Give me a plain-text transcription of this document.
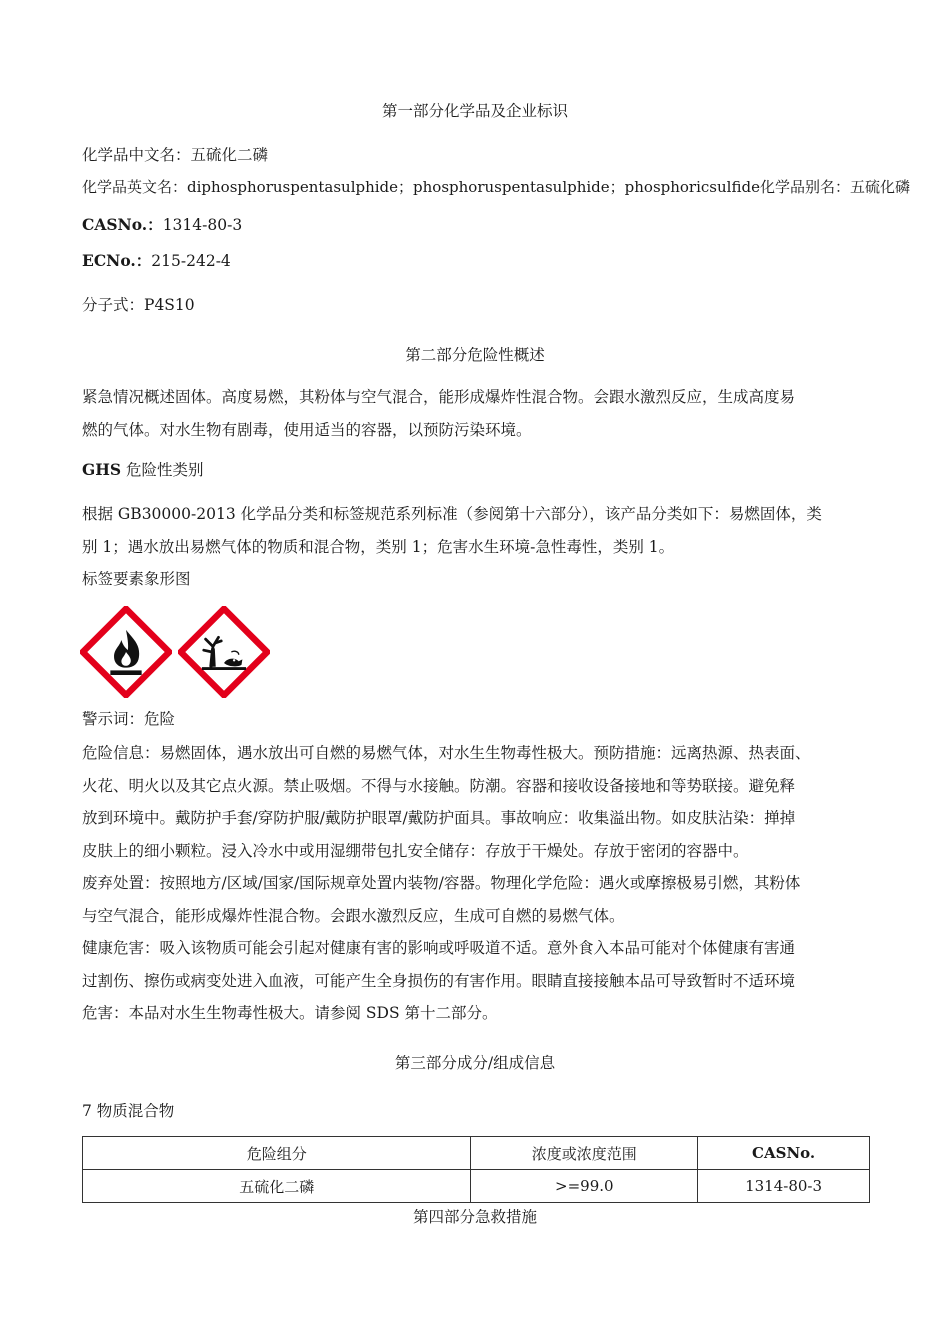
第一部分化学品及企业标识
化学品中文名：五硫化二磷
化学品英文名：diphosphoruspentasulphide；phosphoruspentasulphide；phosphoricsulfide化学品别名：五硫化磷
CASNo.：1314-80-3
ECNo.：215-242-4
分子式：P4S10
第二部分危险性概述
紧急情况概述固体。高度易燃，其粉体与空气混合，能形成爆炸性混合物。会跟水激烈反应，生成高度易
燃的气体。对水生物有剧毒，使用适当的容器，以预防污染环境。
GHS 危险性类别
根据 GB30000-2013 化学品分类和标签规范系列标准（参阅第十六部分），该产品分类如下：易燃固体，类
别 1；遇水放出易燃气体的物质和混合物，类别 1；危害水生环境-急性毒性，类别 1。
标签要素象形图
警示词：危险
危险信息：易燃固体，遇水放出可自燃的易燃气体，对水生生物毒性极大。预防措施：远离热源、热表面、
火花、明火以及其它点火源。禁止吸烟。不得与水接触。防潮。容器和接收设备接地和等势联接。避免释
放到环境中。戴防护手套/穿防护服/戴防护眼罩/戴防护面具。事故响应：收集溢出物。如皮肤沾染：掸掉
皮肤上的细小颗粒。浸入冷水中或用湿绷带包扎安全储存：存放于干燥处。存放于密闭的容器中。
废弃处置：按照地方/区域/国家/国际规章处置内装物/容器。物理化学危险：遇火或摩擦极易引燃，其粉体
与空气混合，能形成爆炸性混合物。会跟水激烈反应，生成可自燃的易燃气体。
健康危害：吸入该物质可能会引起对健康有害的影响或呼吸道不适。意外食入本品可能对个体健康有害通
过割伤、擦伤或病变处进入血液，可能产生全身损伤的有害作用。眼睛直接接触本品可导致暂时不适环境
危害：本品对水生生物毒性极大。请参阅 SDS 第十二部分。
第三部分成分/组成信息
7 物质混合物
危险组分	浓度或浓度范围	CASNo.
五硫化二磷	>=99.0	1314-80-3
第四部分急救措施
